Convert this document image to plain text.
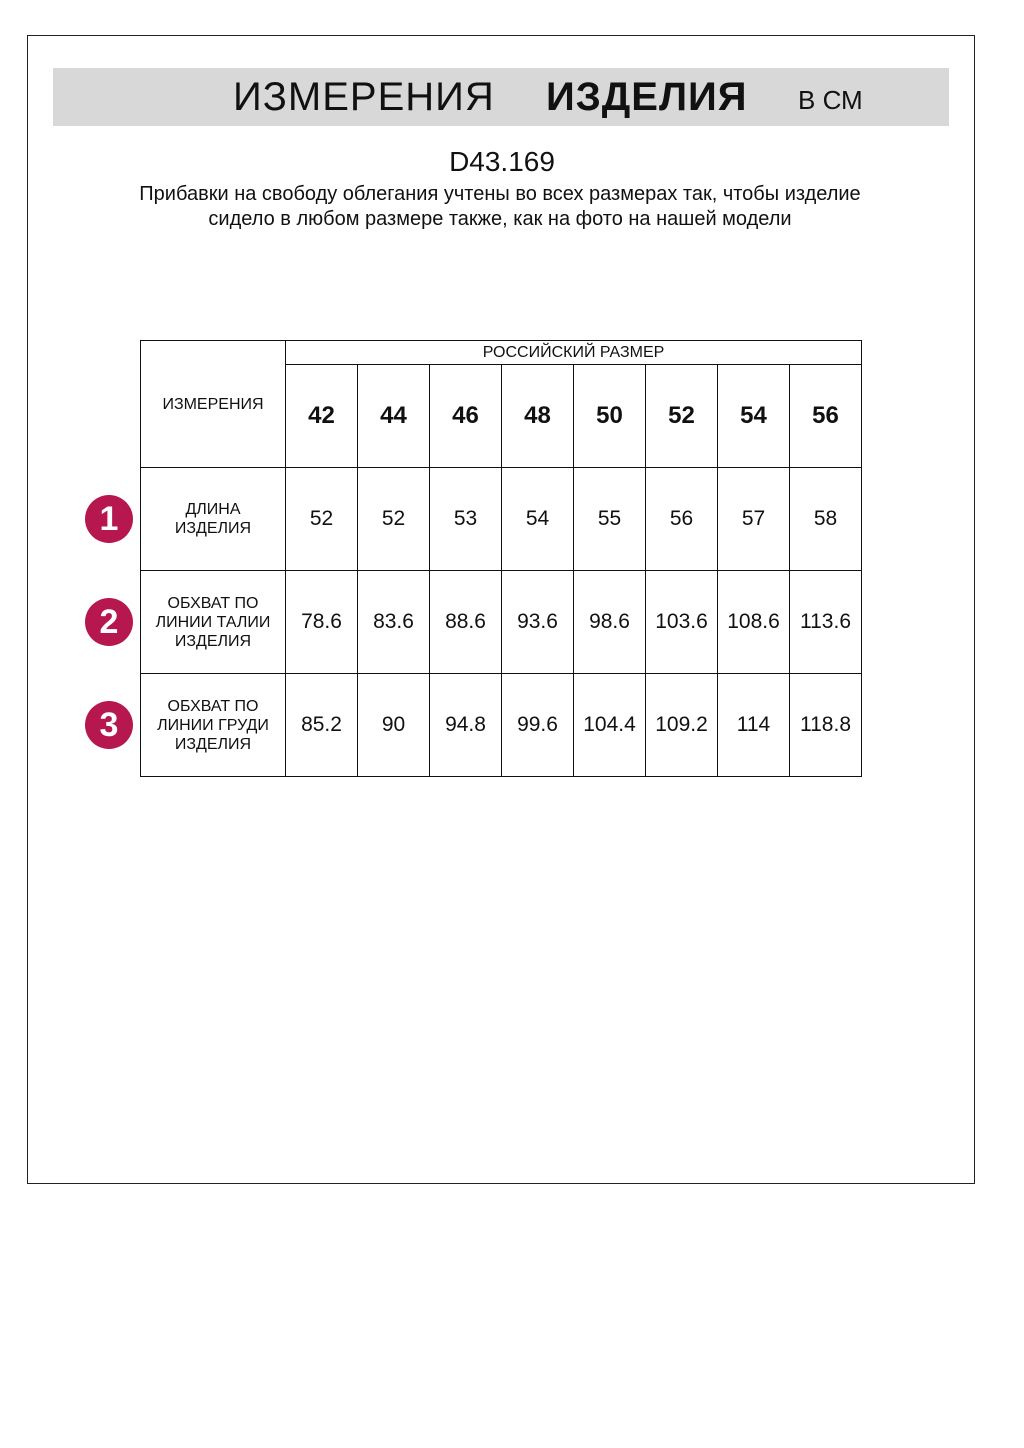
ИЗМЕРЕНИЯ ИЗДЕЛИЯ В СМ
D43.169
Прибавки на свободу облегания учтены во всех размерах так, чтобы изделие сидело в любом размере также, как на фото на нашей модели
ИЗМЕРЕНИЯ	РОССИЙСКИЙ РАЗМЕР							
	42	44	46	48	50	52	54	56

ДЛИНА
ИЗДЕЛИЯ	52	52	53	54	55	56	57	58

ОБХВАТ ПО
ЛИНИИ ТАЛИИ
ИЗДЕЛИЯ	78.6	83.6	88.6	93.6	98.6	103.6	108.6	113.6

ОБХВАТ ПО
ЛИНИИ ГРУДИ
ИЗДЕЛИЯ	85.2	90	94.8	99.6	104.4	109.2	114	118.8
1
2
3
